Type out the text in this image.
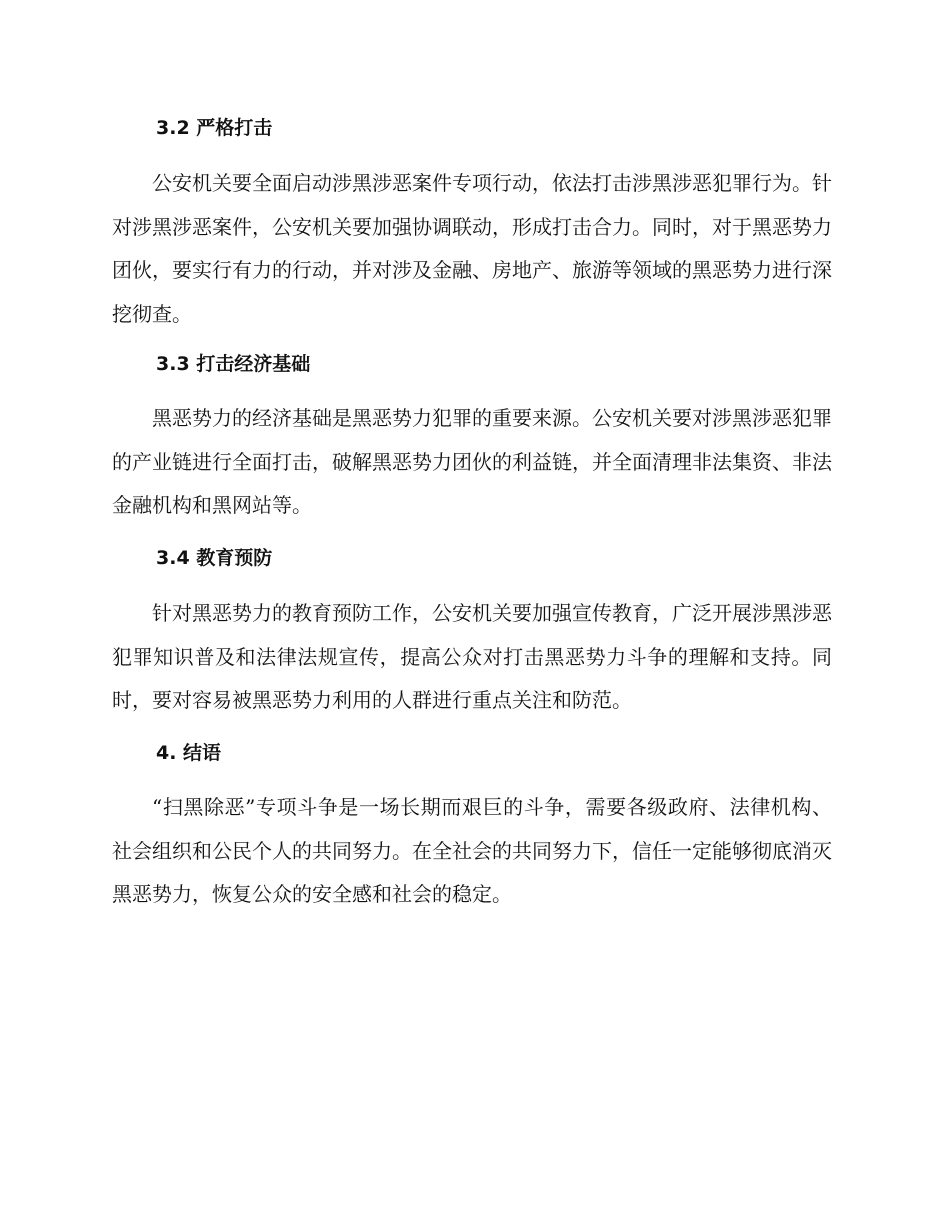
3.2 严格打击

公安机关要全面启动涉黑涉恶案件专项行动，依法打击涉黑涉恶犯罪行为。针对涉黑涉恶案件，公安机关要加强协调联动，形成打击合力。同时，对于黑恶势力团伙，要实行有力的行动，并对涉及金融、房地产、旅游等领域的黑恶势力进行深挖彻查。

3.3 打击经济基础

黑恶势力的经济基础是黑恶势力犯罪的重要来源。公安机关要对涉黑涉恶犯罪的产业链进行全面打击，破解黑恶势力团伙的利益链，并全面清理非法集资、非法金融机构和黑网站等。

3.4 教育预防

针对黑恶势力的教育预防工作，公安机关要加强宣传教育，广泛开展涉黑涉恶犯罪知识普及和法律法规宣传，提高公众对打击黑恶势力斗争的理解和支持。同时，要对容易被黑恶势力利用的人群进行重点关注和防范。

4. 结语

“扫黑除恶”专项斗争是一场长期而艰巨的斗争，需要各级政府、法律机构、社会组织和公民个人的共同努力。在全社会的共同努力下，信任一定能够彻底消灭黑恶势力，恢复公众的安全感和社会的稳定。
